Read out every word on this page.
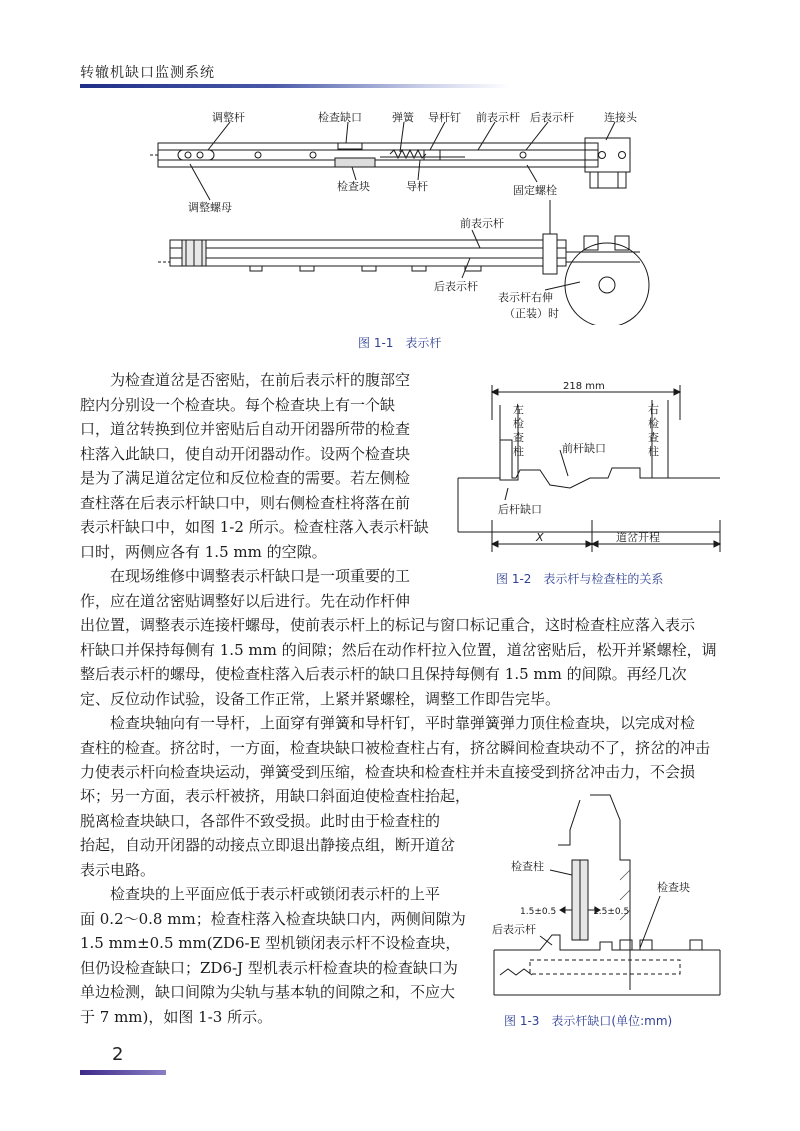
转辙机缺口监测系统
调整杆	检查缺口	弹簧 导杆钉 前表示杆 后表示杆	连接头
检查块	导杆	固定螺栓
调整螺母
前表示杆
后表示杆
表示杆右伸
（正装）时
图 1-1　表示杆
218 mm
左
检
查
柱
右
检
查
柱
前杆缺口
后杆缺口
X	道岔开程
图 1-2　表示杆与检查柱的关系
检查柱
检查块
1.5±0.5	1.5±0.5
后表示杆
图 1-3　表示杆缺口(单位:mm)
为检查道岔是否密贴，在前后表示杆的腹部空
腔内分别设一个检查块。每个检查块上有一个缺
口，道岔转换到位并密贴后自动开闭器所带的检查
柱落入此缺口，使自动开闭器动作。设两个检查块
是为了满足道岔定位和反位检查的需要。若左侧检
查柱落在后表示杆缺口中，则右侧检查柱将落在前
表示杆缺口中，如图 1-2 所示。检查柱落入表示杆缺
口时，两侧应各有 1.5 mm 的空隙。
在现场维修中调整表示杆缺口是一项重要的工
作，应在道岔密贴调整好以后进行。先在动作杆伸
出位置，调整表示连接杆螺母，使前表示杆上的标记与窗口标记重合，这时检查柱应落入表示
杆缺口并保持每侧有 1.5 mm 的间隙；然后在动作杆拉入位置，道岔密贴后，松开并紧螺栓，调
整后表示杆的螺母，使检查柱落入后表示杆的缺口且保持每侧有 1.5 mm 的间隙。再经几次
定、反位动作试验，设备工作正常，上紧并紧螺栓，调整工作即告完毕。
检查块轴向有一导杆，上面穿有弹簧和导杆钉，平时靠弹簧弹力顶住检查块，以完成对检
查柱的检查。挤岔时，一方面，检查块缺口被检查柱占有，挤岔瞬间检查块动不了，挤岔的冲击
力使表示杆向检查块运动，弹簧受到压缩，检查块和检查柱并未直接受到挤岔冲击力，不会损
坏；另一方面，表示杆被挤，用缺口斜面迫使检查柱抬起，
脱离检查块缺口，各部件不致受损。此时由于检查柱的
抬起，自动开闭器的动接点立即退出静接点组，断开道岔
表示电路。
检查块的上平面应低于表示杆或锁闭表示杆的上平
面 0.2～0.8 mm；检查柱落入检查块缺口内，两侧间隙为
1.5 mm±0.5 mm(ZD6-E 型机锁闭表示杆不设检查块，
但仍设检查缺口；ZD6-J 型机表示杆检查块的检查缺口为
单边检测，缺口间隙为尖轨与基本轨的间隙之和，不应大
于 7 mm)，如图 1-3 所示。
2
